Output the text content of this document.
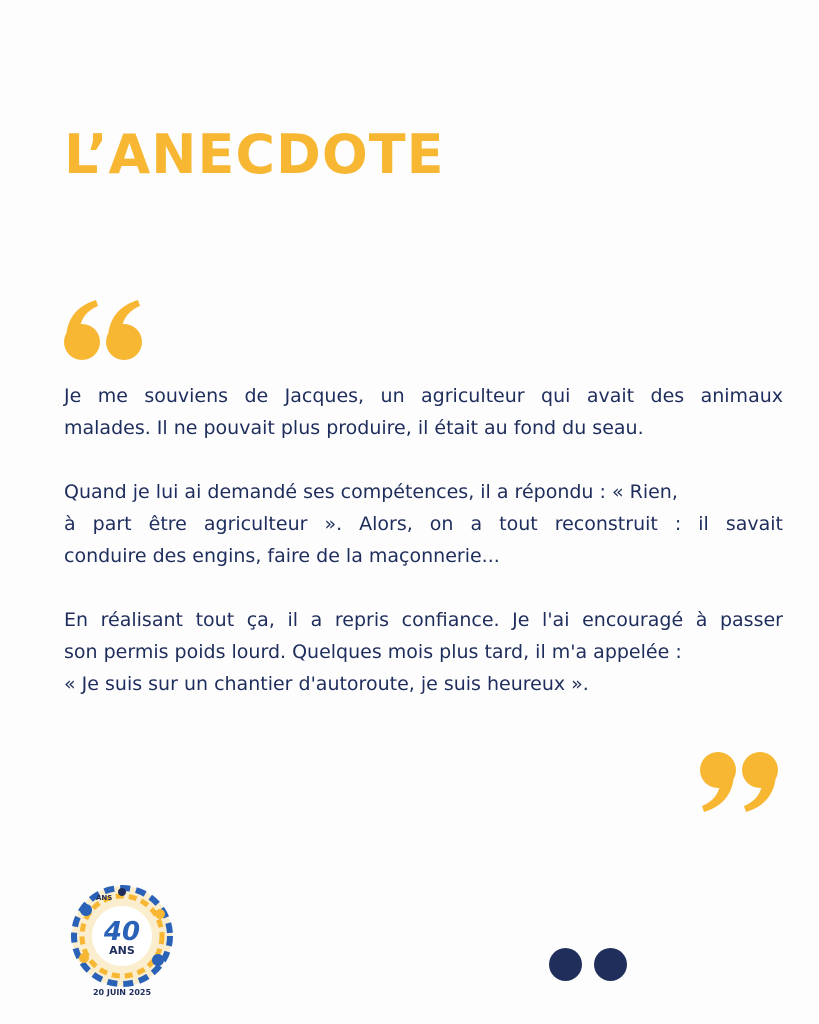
L’ANECDOTE

Je me souviens de Jacques, un agriculteur qui avait des animaux
malades. Il ne pouvait plus produire, il était au fond du seau.

Quand je lui ai demandé ses compétences, il a répondu : « Rien,
à part être agriculteur ». Alors, on a tout reconstruit : il savait
conduire des engins, faire de la maçonnerie...

En réalisant tout ça, il a repris confiance. Je l'ai encouragé à passer
son permis poids lourd. Quelques mois plus tard, il m'a appelée :
« Je suis sur un chantier d'autoroute, je suis heureux ».

ANS
40
ANS
20 JUIN 2025
